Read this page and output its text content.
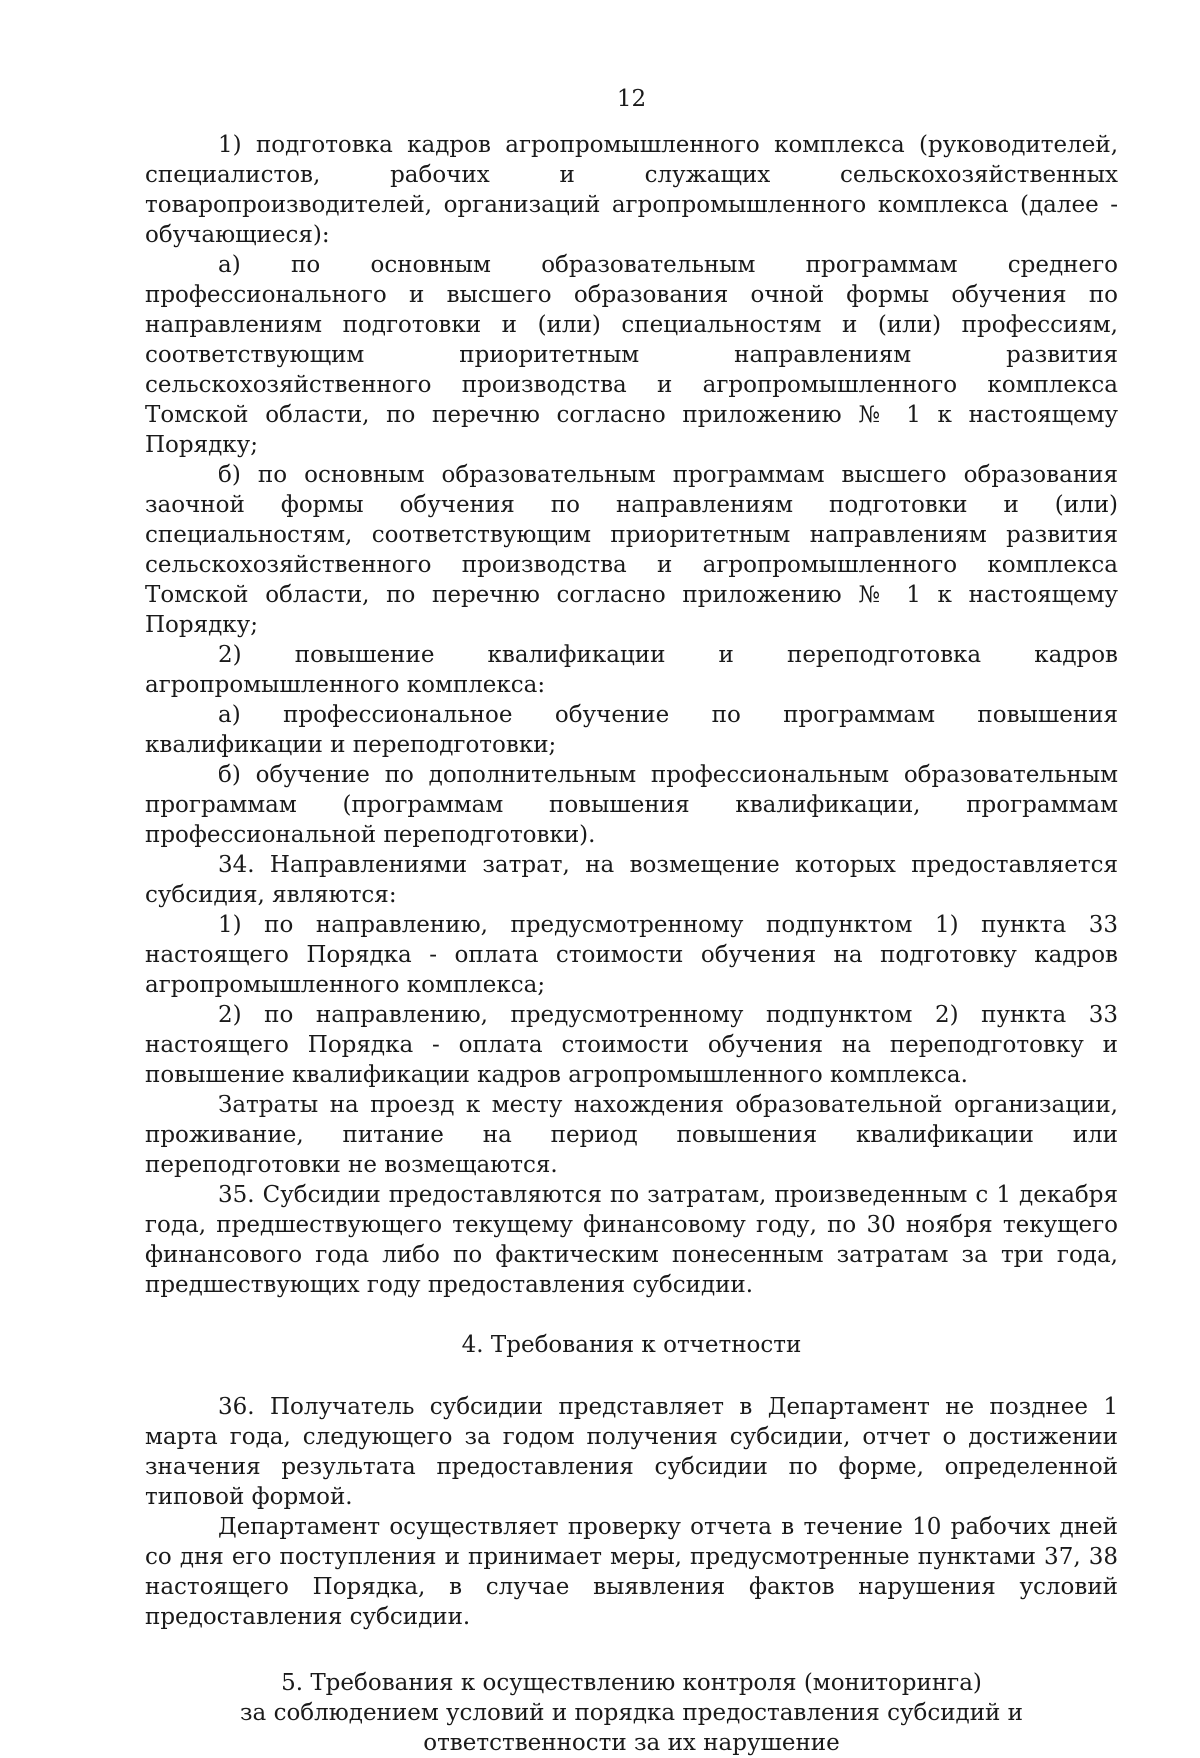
12

1) подготовка кадров агропромышленного комплекса (руководителей, специалистов, рабочих и служащих сельскохозяйственных товаропроизводителей, организаций агропромышленного комплекса (далее - обучающиеся):

а) по основным образовательным программам среднего профессионального и высшего образования очной формы обучения по направлениям подготовки и (или) специальностям и (или) профессиям, соответствующим приоритетным направлениям развития сельскохозяйственного производства и агропромышленного комплекса Томской области, по перечню согласно приложению № 1 к настоящему Порядку;

б) по основным образовательным программам высшего образования заочной формы обучения по направлениям подготовки и (или) специальностям, соответствующим приоритетным направлениям развития сельскохозяйственного производства и агропромышленного комплекса Томской области, по перечню согласно приложению № 1 к настоящему Порядку;

2) повышение квалификации и переподготовка кадров агропромышленного комплекса:

а) профессиональное обучение по программам повышения квалификации и переподготовки;

б) обучение по дополнительным профессиональным образовательным программам (программам повышения квалификации, программам профессиональной переподготовки).

34. Направлениями затрат, на возмещение которых предоставляется субсидия, являются:

1) по направлению, предусмотренному подпунктом 1) пункта 33 настоящего Порядка - оплата стоимости обучения на подготовку кадров агропромышленного комплекса;

2) по направлению, предусмотренному подпунктом 2) пункта 33 настоящего Порядка - оплата стоимости обучения на переподготовку и повышение квалификации кадров агропромышленного комплекса.

Затраты на проезд к месту нахождения образовательной организации, проживание, питание на период повышения квалификации или переподготовки не возмещаются.

35. Субсидии предоставляются по затратам, произведенным с 1 декабря года, предшествующего текущему финансовому году, по 30 ноября текущего финансового года либо по фактическим понесенным затратам за три года, предшествующих году предоставления субсидии.

4. Требования к отчетности

36. Получатель субсидии представляет в Департамент не позднее 1 марта года, следующего за годом получения субсидии, отчет о достижении значения результата предоставления субсидии по форме, определенной типовой формой.

Департамент осуществляет проверку отчета в течение 10 рабочих дней со дня его поступления и принимает меры, предусмотренные пунктами 37, 38 настоящего Порядка, в случае выявления фактов нарушения условий предоставления субсидии.

5. Требования к осуществлению контроля (мониторинга)

за соблюдением условий и порядка предоставления субсидий и ответственности за их нарушение
